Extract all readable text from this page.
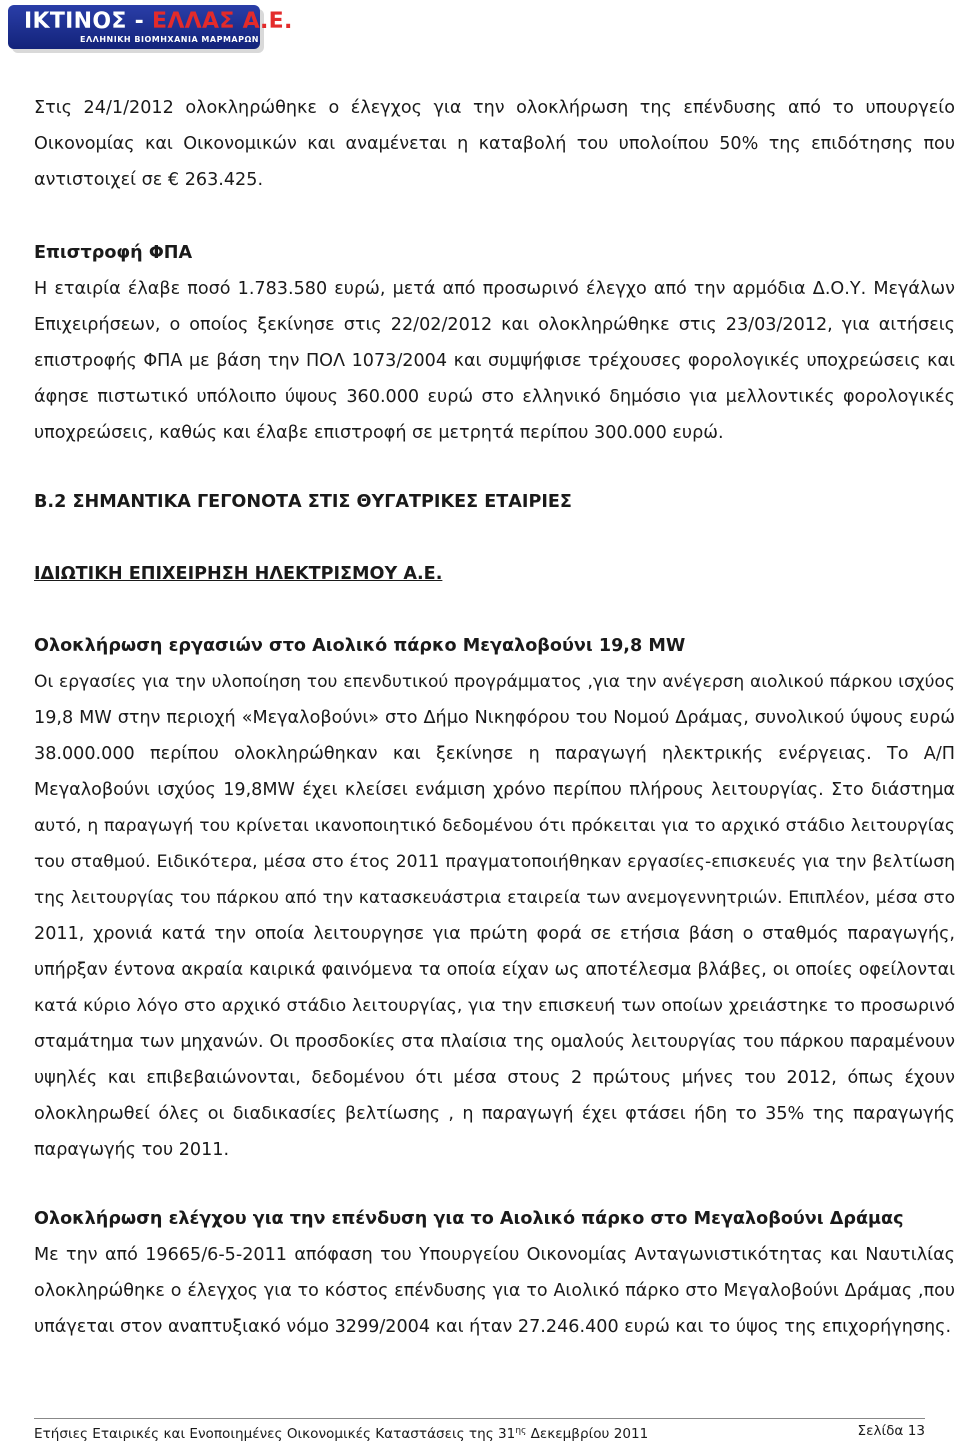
ΙΚΤΙΝΟΣ - ΕΛΛΑΣ Α.Ε.
ΕΛΛΗΝΙΚΗ ΒΙΟΜΗΧΑΝΙΑ ΜΑΡΜΑΡΩΝ

Στις 24/1/2012 ολοκληρώθηκε ο έλεγχος για την ολοκλήρωση της επένδυσης από το υπουργείο
Οικονομίας και Οικονομικών και αναμένεται η καταβολή του υπολοίπου 50% της επιδότησης που
αντιστοιχεί σε € 263.425.

Επιστροφή ΦΠΑ

Η εταιρία έλαβε ποσό 1.783.580 ευρώ, μετά από προσωρινό έλεγχο από την αρμόδια Δ.Ο.Υ. Μεγάλων
Επιχειρήσεων, ο οποίος ξεκίνησε στις 22/02/2012 και ολοκληρώθηκε στις 23/03/2012, για αιτήσεις
επιστροφής ΦΠΑ με βάση την ΠΟΛ 1073/2004 και συμψήφισε τρέχουσες φορολογικές υποχρεώσεις και
άφησε πιστωτικό υπόλοιπο ύψους 360.000 ευρώ στο ελληνικό δημόσιο για μελλοντικές φορολογικές
υποχρεώσεις, καθώς και έλαβε επιστροφή σε μετρητά περίπου 300.000 ευρώ.

Β.2 ΣΗΜΑΝΤΙΚΑ ΓΕΓΟΝΟΤΑ ΣΤΙΣ ΘΥΓΑΤΡΙΚΕΣ ΕΤΑΙΡΙΕΣ

ΙΔΙΩΤΙΚΗ ΕΠΙΧΕΙΡΗΣΗ ΗΛΕΚΤΡΙΣΜΟΥ Α.Ε.

Ολοκλήρωση εργασιών στο Αιολικό πάρκο Μεγαλοβούνι 19,8 MW

Οι εργασίες για την υλοποίηση του επενδυτικού προγράμματος ,για την ανέγερση αιολικού πάρκου ισχύος
19,8 MW στην περιοχή «Μεγαλοβούνι» στο Δήμο Νικηφόρου του Νομού Δράμας, συνολικού ύψους ευρώ
38.000.000 περίπου ολοκληρώθηκαν και ξεκίνησε η παραγωγή ηλεκτρικής ενέργειας. Το Α/Π
Μεγαλοβούνι ισχύος 19,8MW έχει κλείσει ενάμιση χρόνο περίπου πλήρους λειτουργίας. Στο διάστημα
αυτό, η παραγωγή του κρίνεται ικανοποιητικό δεδομένου ότι πρόκειται για το αρχικό στάδιο λειτουργίας
του σταθμού. Ειδικότερα, μέσα στο έτος 2011 πραγματοποιήθηκαν εργασίες-επισκευές για την βελτίωση
της λειτουργίας του πάρκου από την κατασκευάστρια εταιρεία των ανεμογεννητριών. Επιπλέον, μέσα στο
2011, χρονιά κατά την οποία λειτουργησε για πρώτη φορά σε ετήσια βάση ο σταθμός παραγωγής,
υπήρξαν έντονα ακραία καιρικά φαινόμενα τα οποία είχαν ως αποτέλεσμα βλάβες, οι οποίες οφείλονται
κατά κύριο λόγο στο αρχικό στάδιο λειτουργίας, για την επισκευή των οποίων χρειάστηκε το προσωρινό
σταμάτημα των μηχανών. Οι προσδοκίες στα πλαίσια της ομαλούς λειτουργίας του πάρκου παραμένουν
υψηλές και επιβεβαιώνονται, δεδομένου ότι μέσα στους 2 πρώτους μήνες του 2012, όπως έχουν
ολοκληρωθεί όλες οι διαδικασίες βελτίωσης , η παραγωγή έχει φτάσει ήδη το 35% της παραγωγής
παραγωγής του 2011.

Ολοκλήρωση ελέγχου για την επένδυση για το Αιολικό πάρκο στο Μεγαλοβούνι Δράμας

Με την από 19665/6-5-2011 απόφαση του Υπουργείου Οικονομίας Ανταγωνιστικότητας και Ναυτιλίας
ολοκληρώθηκε ο έλεγχος για το κόστος επένδυσης για το Αιολικό πάρκο στο Μεγαλοβούνι Δράμας ,που
υπάγεται στον αναπτυξιακό νόμο 3299/2004 και ήταν 27.246.400 ευρώ και το ύψος της επιχορήγησης.

Ετήσιες Εταιρικές και Ενοποιημένες Οικονομικές Καταστάσεις της $31^{\eta\varsigma}$ Δεκεμβρίου 2011	Σελίδα 13
